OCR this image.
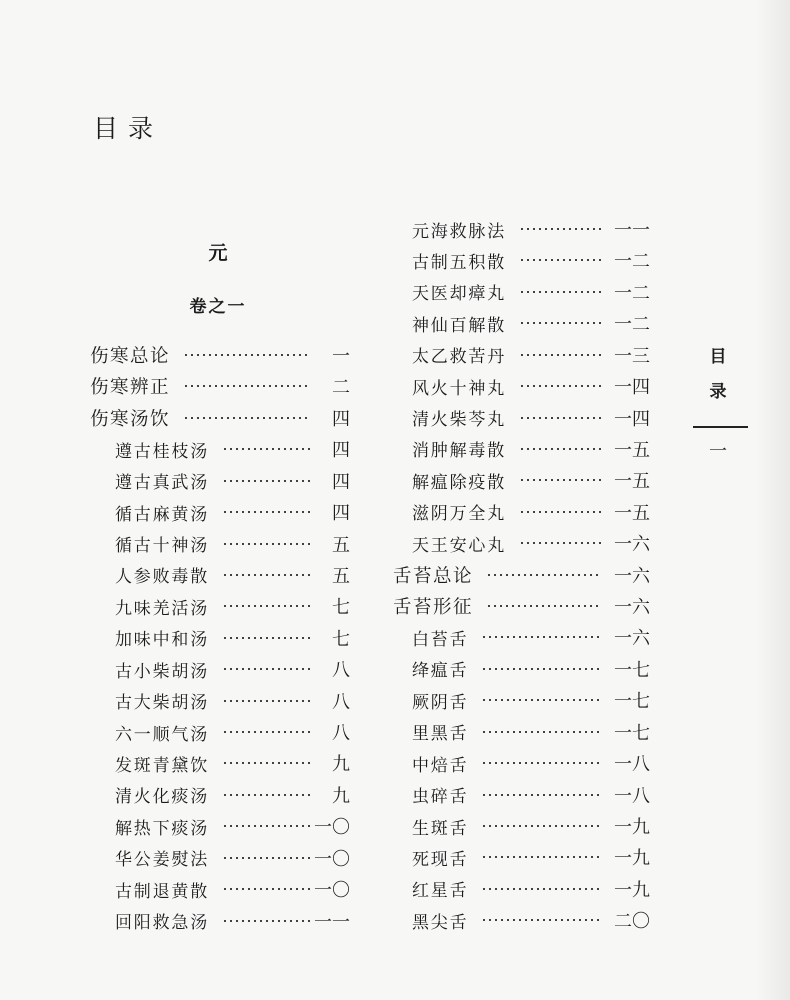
目录
元
卷之一
伤寒总论	一
伤寒辨正	二
伤寒汤饮	四
遵古桂枝汤	四
遵古真武汤	四
循古麻黄汤	四
循古十神汤	五
人参败毒散	五
九味羌活汤	七
加味中和汤	七
古小柴胡汤	八
古大柴胡汤	八
六一顺气汤	八
发斑青黛饮	九
清火化痰汤	九
解热下痰汤	一〇
华公姜熨法	一〇
古制退黄散	一〇
回阳救急汤	一一
元海救脉法	一一
古制五积散	一二
天医却瘴丸	一二
神仙百解散	一二
太乙救苦丹	一三
风火十神丸	一四
清火柴芩丸	一四
消肿解毒散	一五
解瘟除疫散	一五
滋阴万全丸	一五
天王安心丸	一六
舌苔总论	一六
舌苔形征	一六
白苔舌	一六
绛瘟舌	一七
厥阴舌	一七
里黑舌	一七
中焙舌	一八
虫碎舌	一八
生斑舌	一九
死现舌	一九
红星舌	一九
黑尖舌	二〇
目
录
一
